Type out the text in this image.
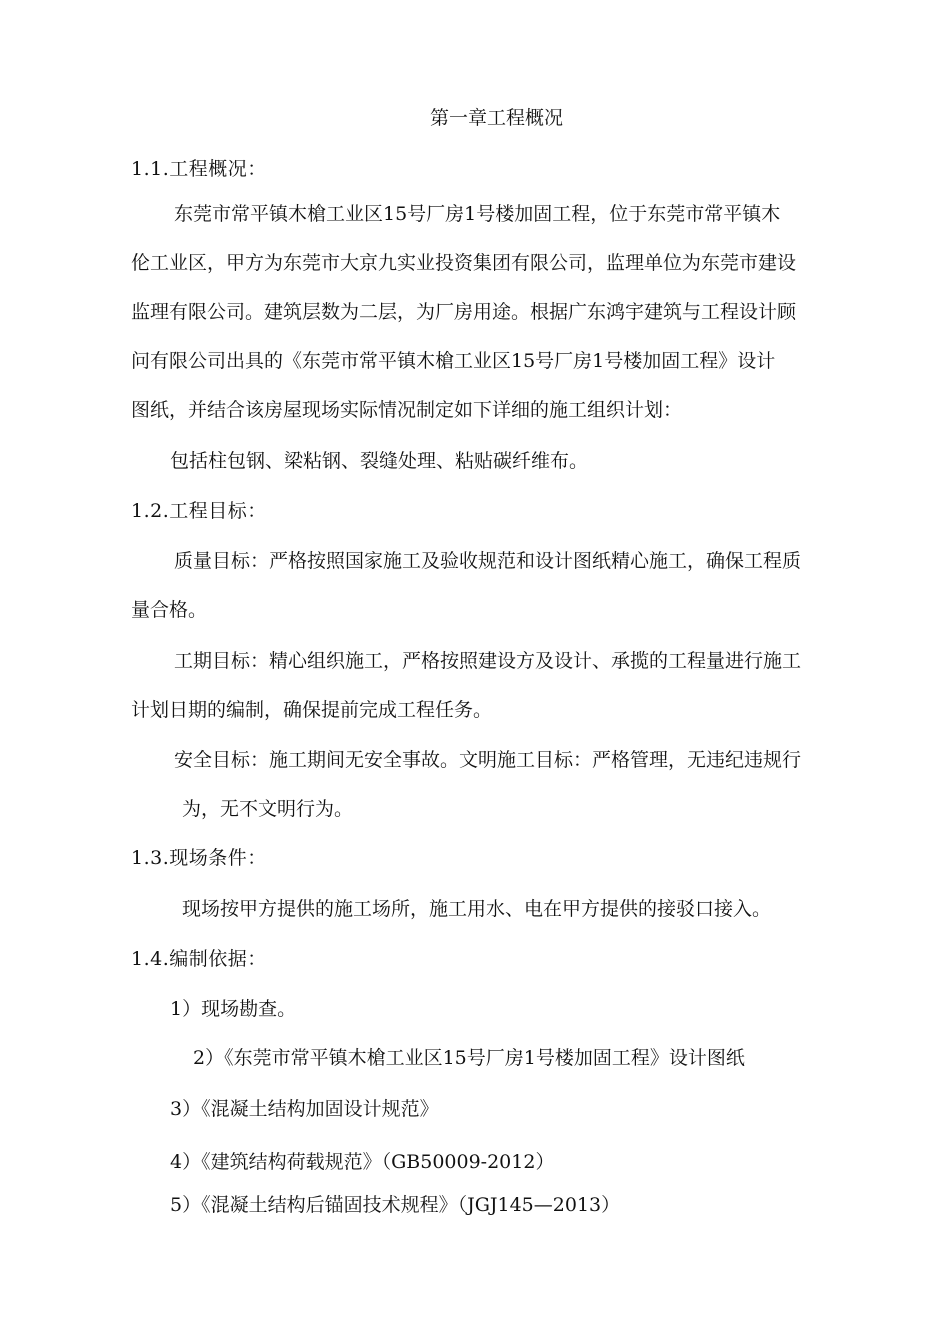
第一章工程概况
1.1.工程概况：
东莞市常平镇木槍工业区15号厂房1号楼加固工程，位于东莞市常平镇木
伦工业区，甲方为东莞市大京九实业投资集团有限公司，监理单位为东莞市建设
监理有限公司。建筑层数为二层，为厂房用途。根据广东鸿宇建筑与工程设计顾
问有限公司出具的《东莞市常平镇木槍工业区15号厂房1号楼加固工程》设计
图纸，并结合该房屋现场实际情况制定如下详细的施工组织计划：
包括柱包钢、梁粘钢、裂缝处理、粘贴碳纤维布。
1.2.工程目标：
质量目标：严格按照国家施工及验收规范和设计图纸精心施工，确保工程质
量合格。
工期目标：精心组织施工，严格按照建设方及设计、承揽的工程量进行施工
计划日期的编制，确保提前完成工程任务。
安全目标：施工期间无安全事故。文明施工目标：严格管理，无违纪违规行
为，无不文明行为。
1.3.现场条件：
现场按甲方提供的施工场所，施工用水、电在甲方提供的接驳口接入。
1.4.编制依据：
1）现场勘查。
2）《东莞市常平镇木槍工业区15号厂房1号楼加固工程》设计图纸
3）《混凝土结构加固设计规范》
4）《建筑结构荷载规范》（GB50009-2012）
5）《混凝土结构后锚固技术规程》（JGJ145—2013）
